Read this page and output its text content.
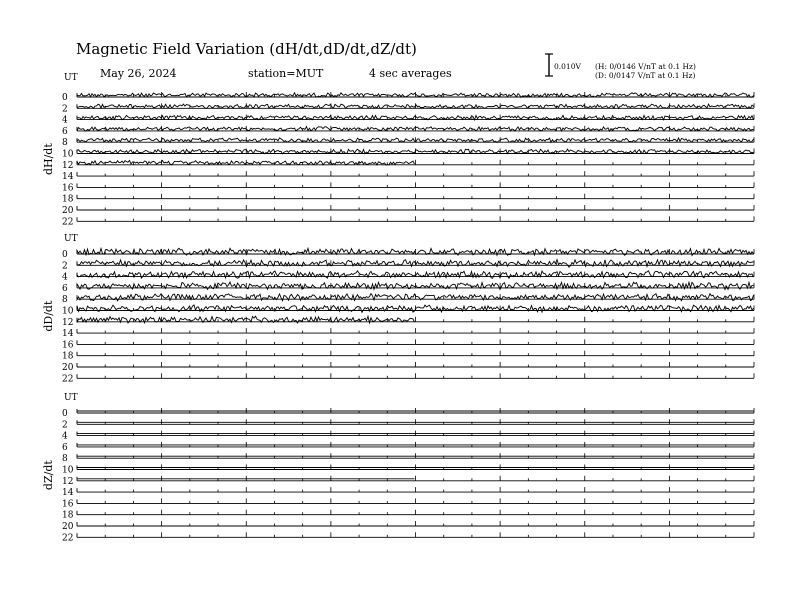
Magnetic Field Variation (dH/dt,dD/dt,dZ/dt)
May 26, 2024	station=MUT	4 sec averages
0.010V (H: 0/0146 V/nT at 0.1 Hz)
(D: 0/0147 V/nT at 0.1 Hz)
UT
dH/dt
0
2
4
6
8
10
12
14
16
18
20
22
UT
dD/dt
0
2
4
6
8
10
12
14
16
18
20
22
UT
dZ/dt
0
2
4
6
8
10
12
14
16
18
20
22
